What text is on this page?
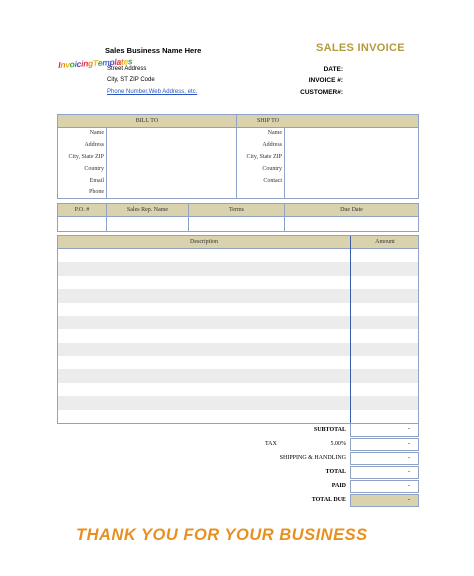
Sales Business Name Here
InvoicingTemplates
Street Address
City, ST ZIP Code
Phone Number,Web Address, etc.
SALES INVOICE
DATE:
INVOICE #:
CUSTOMER#:
BILL TO	SHIP TO
Name
Address
City, State ZIP
Country
Email
Phone
Name
Address
City, State ZIP
Country
Contact
P.O. #	Sales Rep. Name	Terms	Due Date
Description	Amount
SUBTOTAL	-
TAX	5.00%	-
SHIPPING & HANDLING	-
TOTAL	-
PAID	-
TOTAL DUE	-
THANK YOU FOR YOUR BUSINESS
